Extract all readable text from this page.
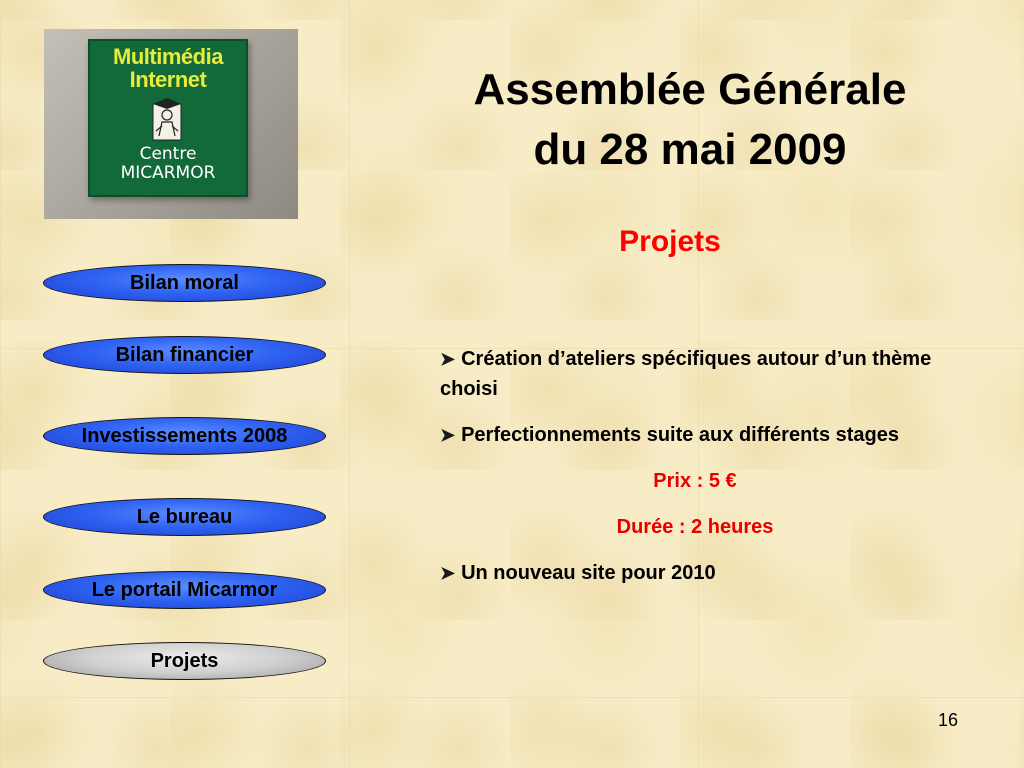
Multimédia
Internet
Centre
MICARMOR
Assemblée Générale
du 28 mai 2009
Projets
Bilan moral
Bilan financier
Investissements 2008
Le bureau
Le portail Micarmor
Projets
➤ Création d’ateliers spécifiques autour d’un thème choisi
➤ Perfectionnements suite aux différents stages
Prix : 5 €
Durée : 2 heures
➤ Un nouveau site pour 2010
16
